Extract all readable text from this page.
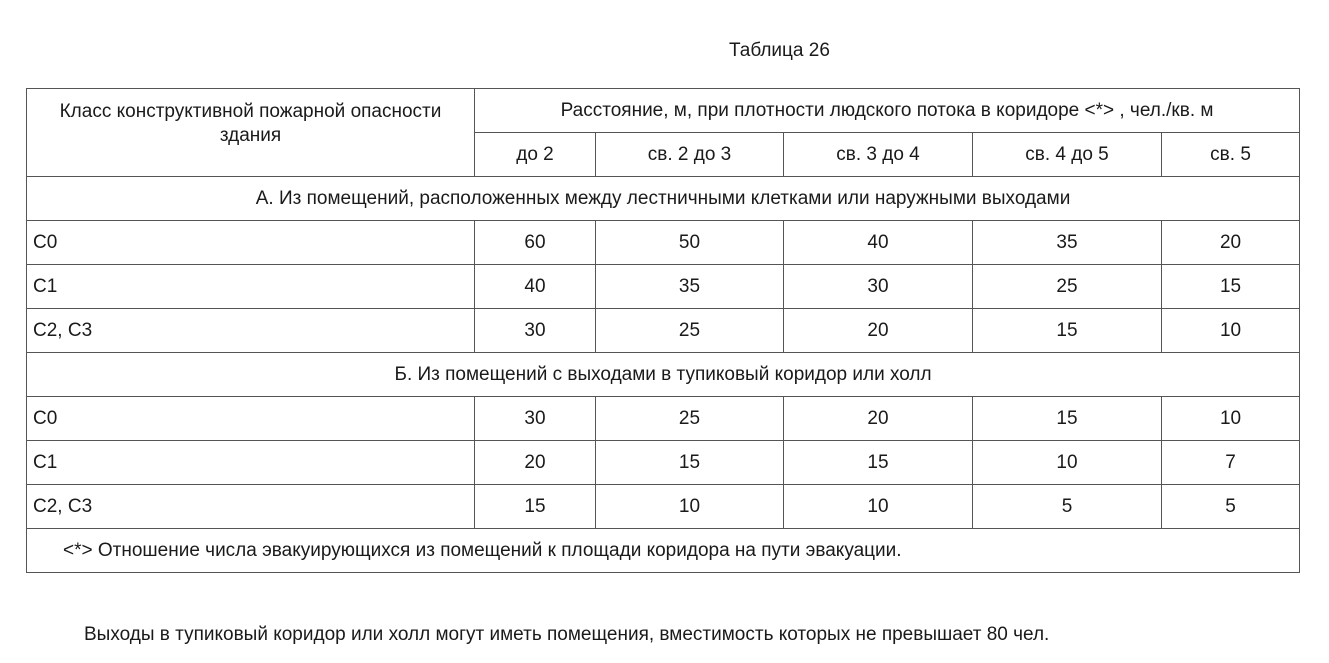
Таблица 26
Класс конструктивной пожарной опасности здания	Расстояние, м, при плотности людского потока в коридоре <*> , чел./кв. м				
	до 2	св. 2 до 3	св. 3 до 4	св. 4 до 5	св. 5
А. Из помещений, расположенных между лестничными клетками или наружными выходами					
С0	60	50	40	35	20
С1	40	35	30	25	15
С2, С3	30	25	20	15	10
Б. Из помещений с выходами в тупиковый коридор или холл					
С0	30	25	20	15	10
С1	20	15	15	10	7
С2, С3	15	10	10	5	5
<*> Отношение числа эвакуирующихся из помещений к площади коридора на пути эвакуации.					
Выходы в тупиковый коридор или холл могут иметь помещения, вместимость которых не превышает 80 чел.
